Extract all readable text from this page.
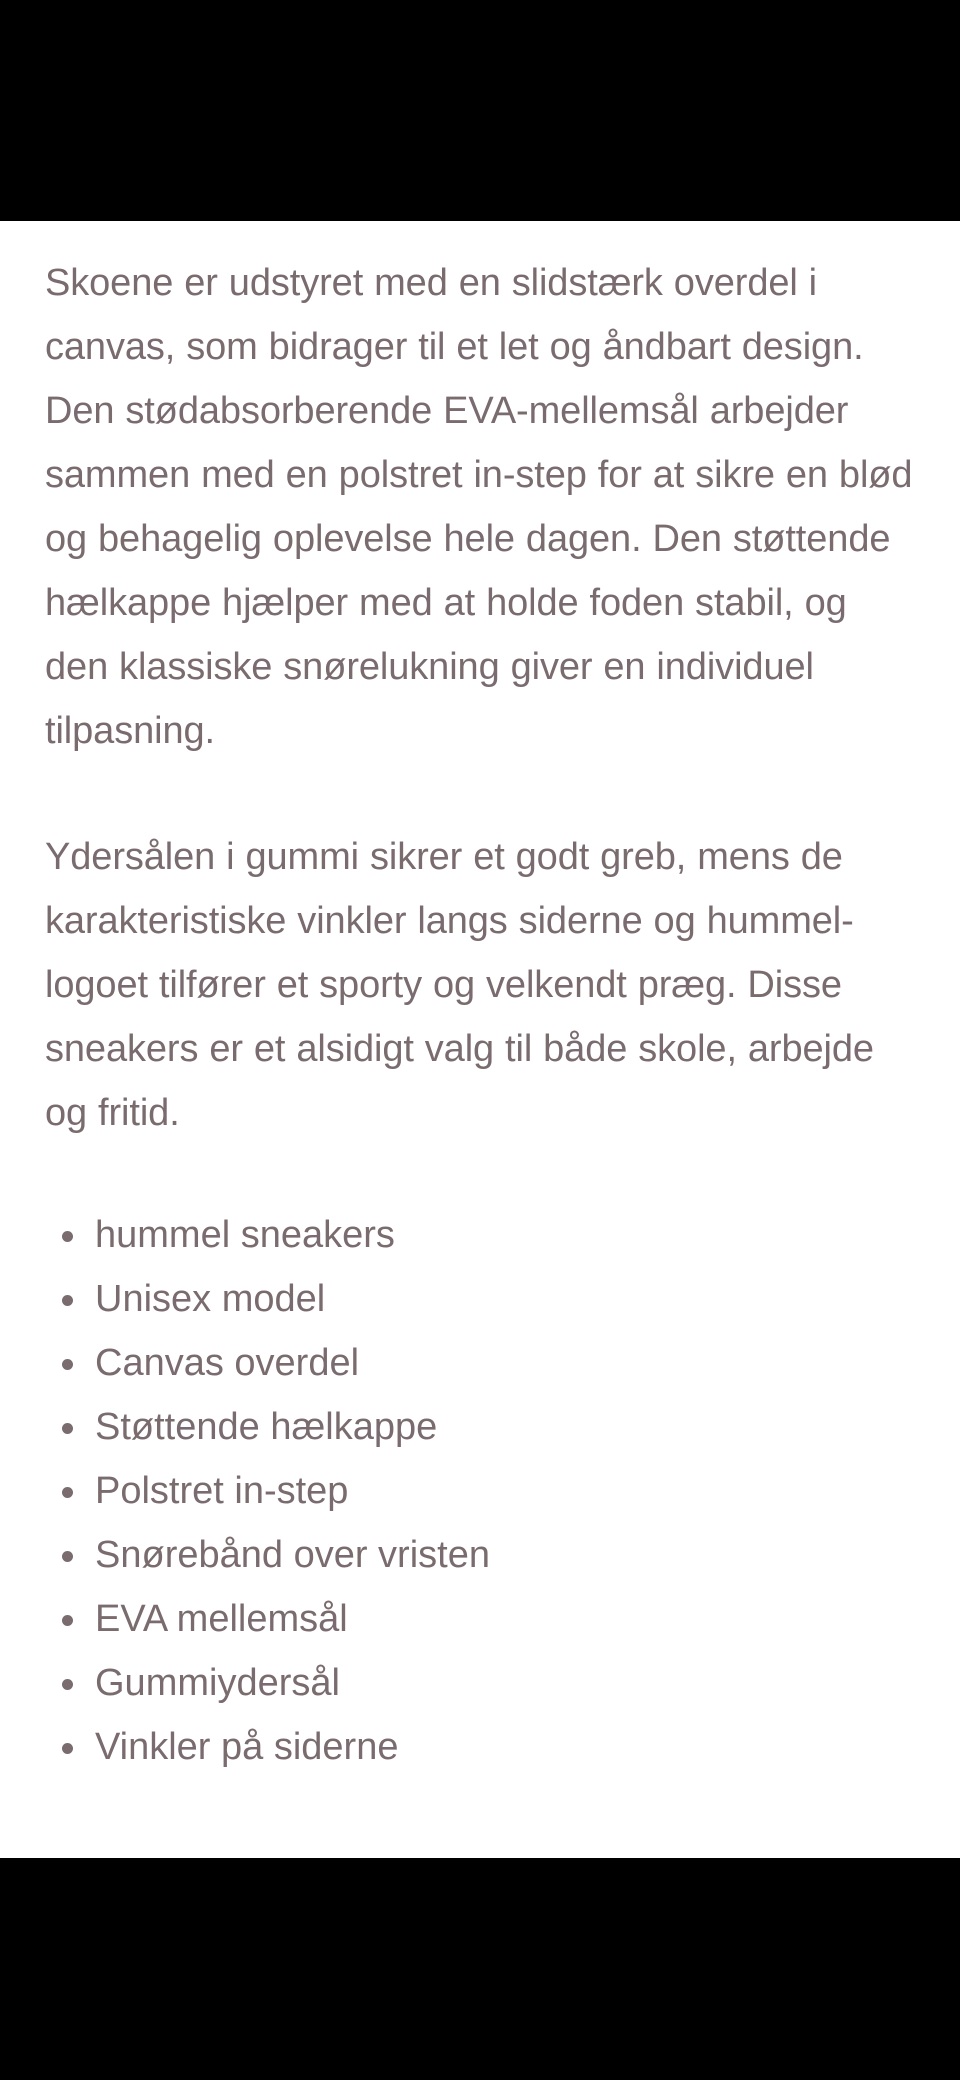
Skoene er udstyret med en slidstærk overdel i canvas, som bidrager til et let og åndbart design. Den stødabsorberende EVA-mellemsål arbejder sammen med en polstret in-step for at sikre en blød og behagelig oplevelse hele dagen. Den støttende hælkappe hjælper med at holde foden stabil, og den klassiske snørelukning giver en individuel tilpasning.

Ydersålen i gummi sikrer et godt greb, mens de karakteristiske vinkler langs siderne og hummel-logoet tilfører et sporty og velkendt præg. Disse sneakers er et alsidigt valg til både skole, arbejde og fritid.

hummel sneakers
Unisex model
Canvas overdel
Støttende hælkappe
Polstret in-step
Snørebånd over vristen
EVA mellemsål
Gummiydersål
Vinkler på siderne
